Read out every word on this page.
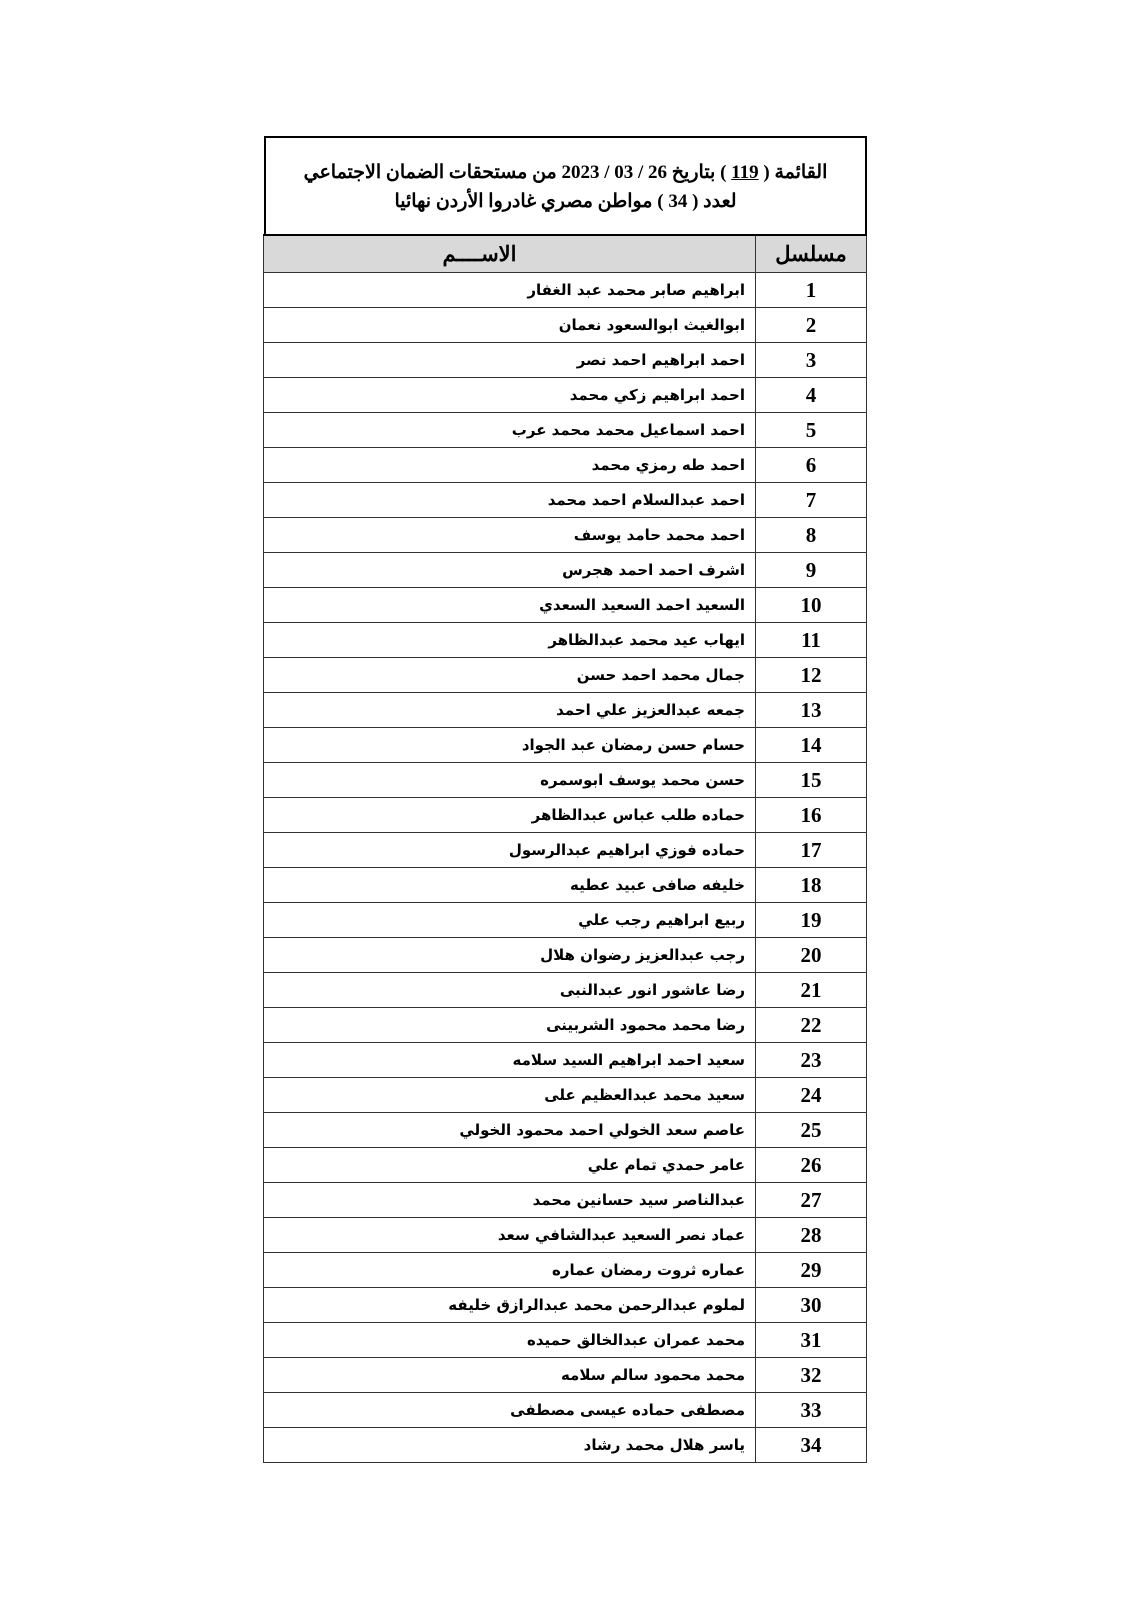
القائمة ( 119 ) بتاريخ 26 / 03 / 2023 من مستحقات الضمان الاجتماعي
لعدد ( 34 ) مواطن مصري غادروا الأردن نهائيا
مسلسل	الاســــم
1	ابراهيم صابر محمد عبد الغفار
2	ابوالغيث ابوالسعود نعمان
3	احمد ابراهيم احمد نصر
4	احمد ابراهيم زكي محمد
5	احمد اسماعيل محمد محمد عرب
6	احمد طه رمزي محمد
7	احمد عبدالسلام احمد محمد
8	احمد محمد حامد يوسف
9	اشرف احمد احمد هجرس
10	السعيد احمد السعيد السعدي
11	ايهاب عيد محمد عبدالظاهر
12	جمال محمد احمد حسن
13	جمعه عبدالعزيز علي احمد
14	حسام حسن رمضان عبد الجواد
15	حسن محمد يوسف ابوسمره
16	حماده طلب عباس عبدالظاهر
17	حماده فوزي ابراهيم عبدالرسول
18	خليفه صافى عبيد عطيه
19	ربيع ابراهيم رجب علي
20	رجب عبدالعزيز رضوان هلال
21	رضا عاشور انور عبدالنبى
22	رضا محمد محمود الشربينى
23	سعيد احمد ابراهيم السيد سلامه
24	سعيد محمد عبدالعظيم على
25	عاصم سعد الخولي احمد محمود الخولي
26	عامر حمدي تمام علي
27	عبدالناصر سيد حسانين محمد
28	عماد نصر السعيد عبدالشافي سعد
29	عماره ثروت رمضان عماره
30	لملوم عبدالرحمن محمد عبدالرازق خليفه
31	محمد عمران عبدالخالق حميده
32	محمد محمود سالم سلامه
33	مصطفى حماده عيسى مصطفى
34	ياسر هلال محمد رشاد
